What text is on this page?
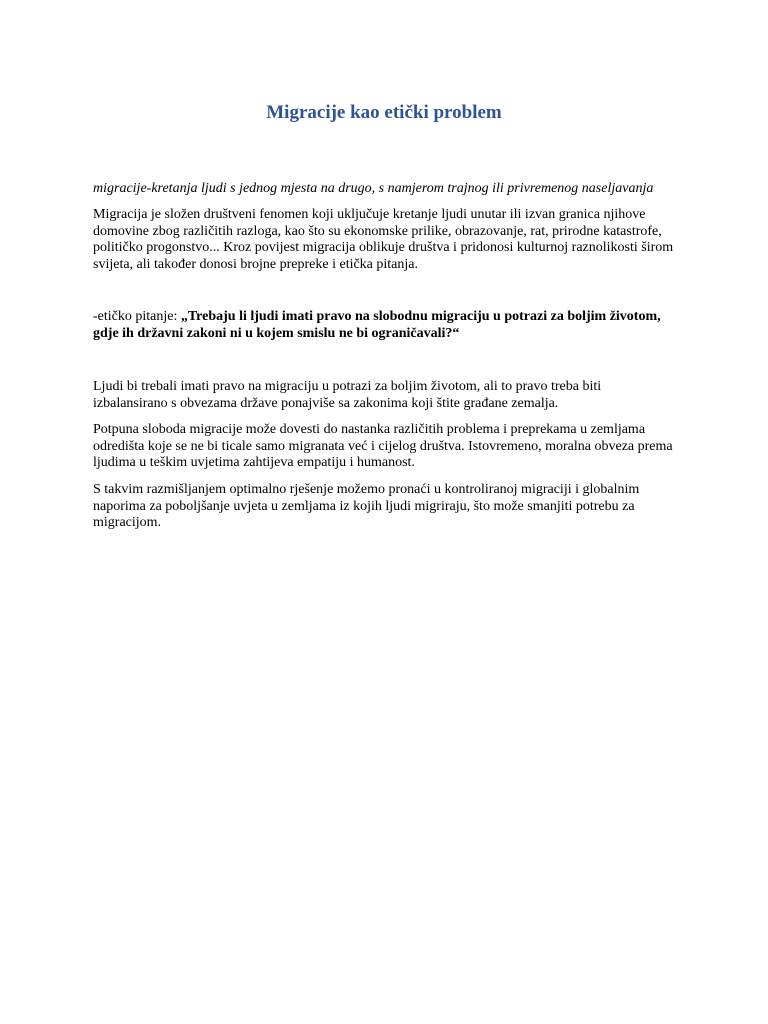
Migracije kao etički problem

migracije-kretanja ljudi s jednog mjesta na drugo, s namjerom trajnog ili privremenog naseljavanja

Migracija je složen društveni fenomen koji uključuje kretanje ljudi unutar ili izvan granica njihove domovine zbog različitih razloga, kao što su ekonomske prilike, obrazovanje, rat, prirodne katastrofe, političko progonstvo... Kroz povijest migracija oblikuje društva i pridonosi kulturnoj raznolikosti širom svijeta, ali također donosi brojne prepreke i etička pitanja.

-etičko pitanje: „Trebaju li ljudi imati pravo na slobodnu migraciju u potrazi za boljim životom, gdje ih državni zakoni ni u kojem smislu ne bi ograničavali?“

Ljudi bi trebali imati pravo na migraciju u potrazi za boljim životom, ali to pravo treba biti izbalansirano s obvezama države ponajviše sa zakonima koji štite građane zemalja.

Potpuna sloboda migracije može dovesti do nastanka različitih problema i preprekama u zemljama odredišta koje se ne bi ticale samo migranata već i cijelog društva. Istovremeno, moralna obveza prema ljudima u teškim uvjetima zahtijeva empatiju i humanost.

S takvim razmišljanjem optimalno rješenje možemo pronaći u kontroliranoj migraciji i globalnim naporima za poboljšanje uvjeta u zemljama iz kojih ljudi migriraju, što može smanjiti potrebu za migracijom.
